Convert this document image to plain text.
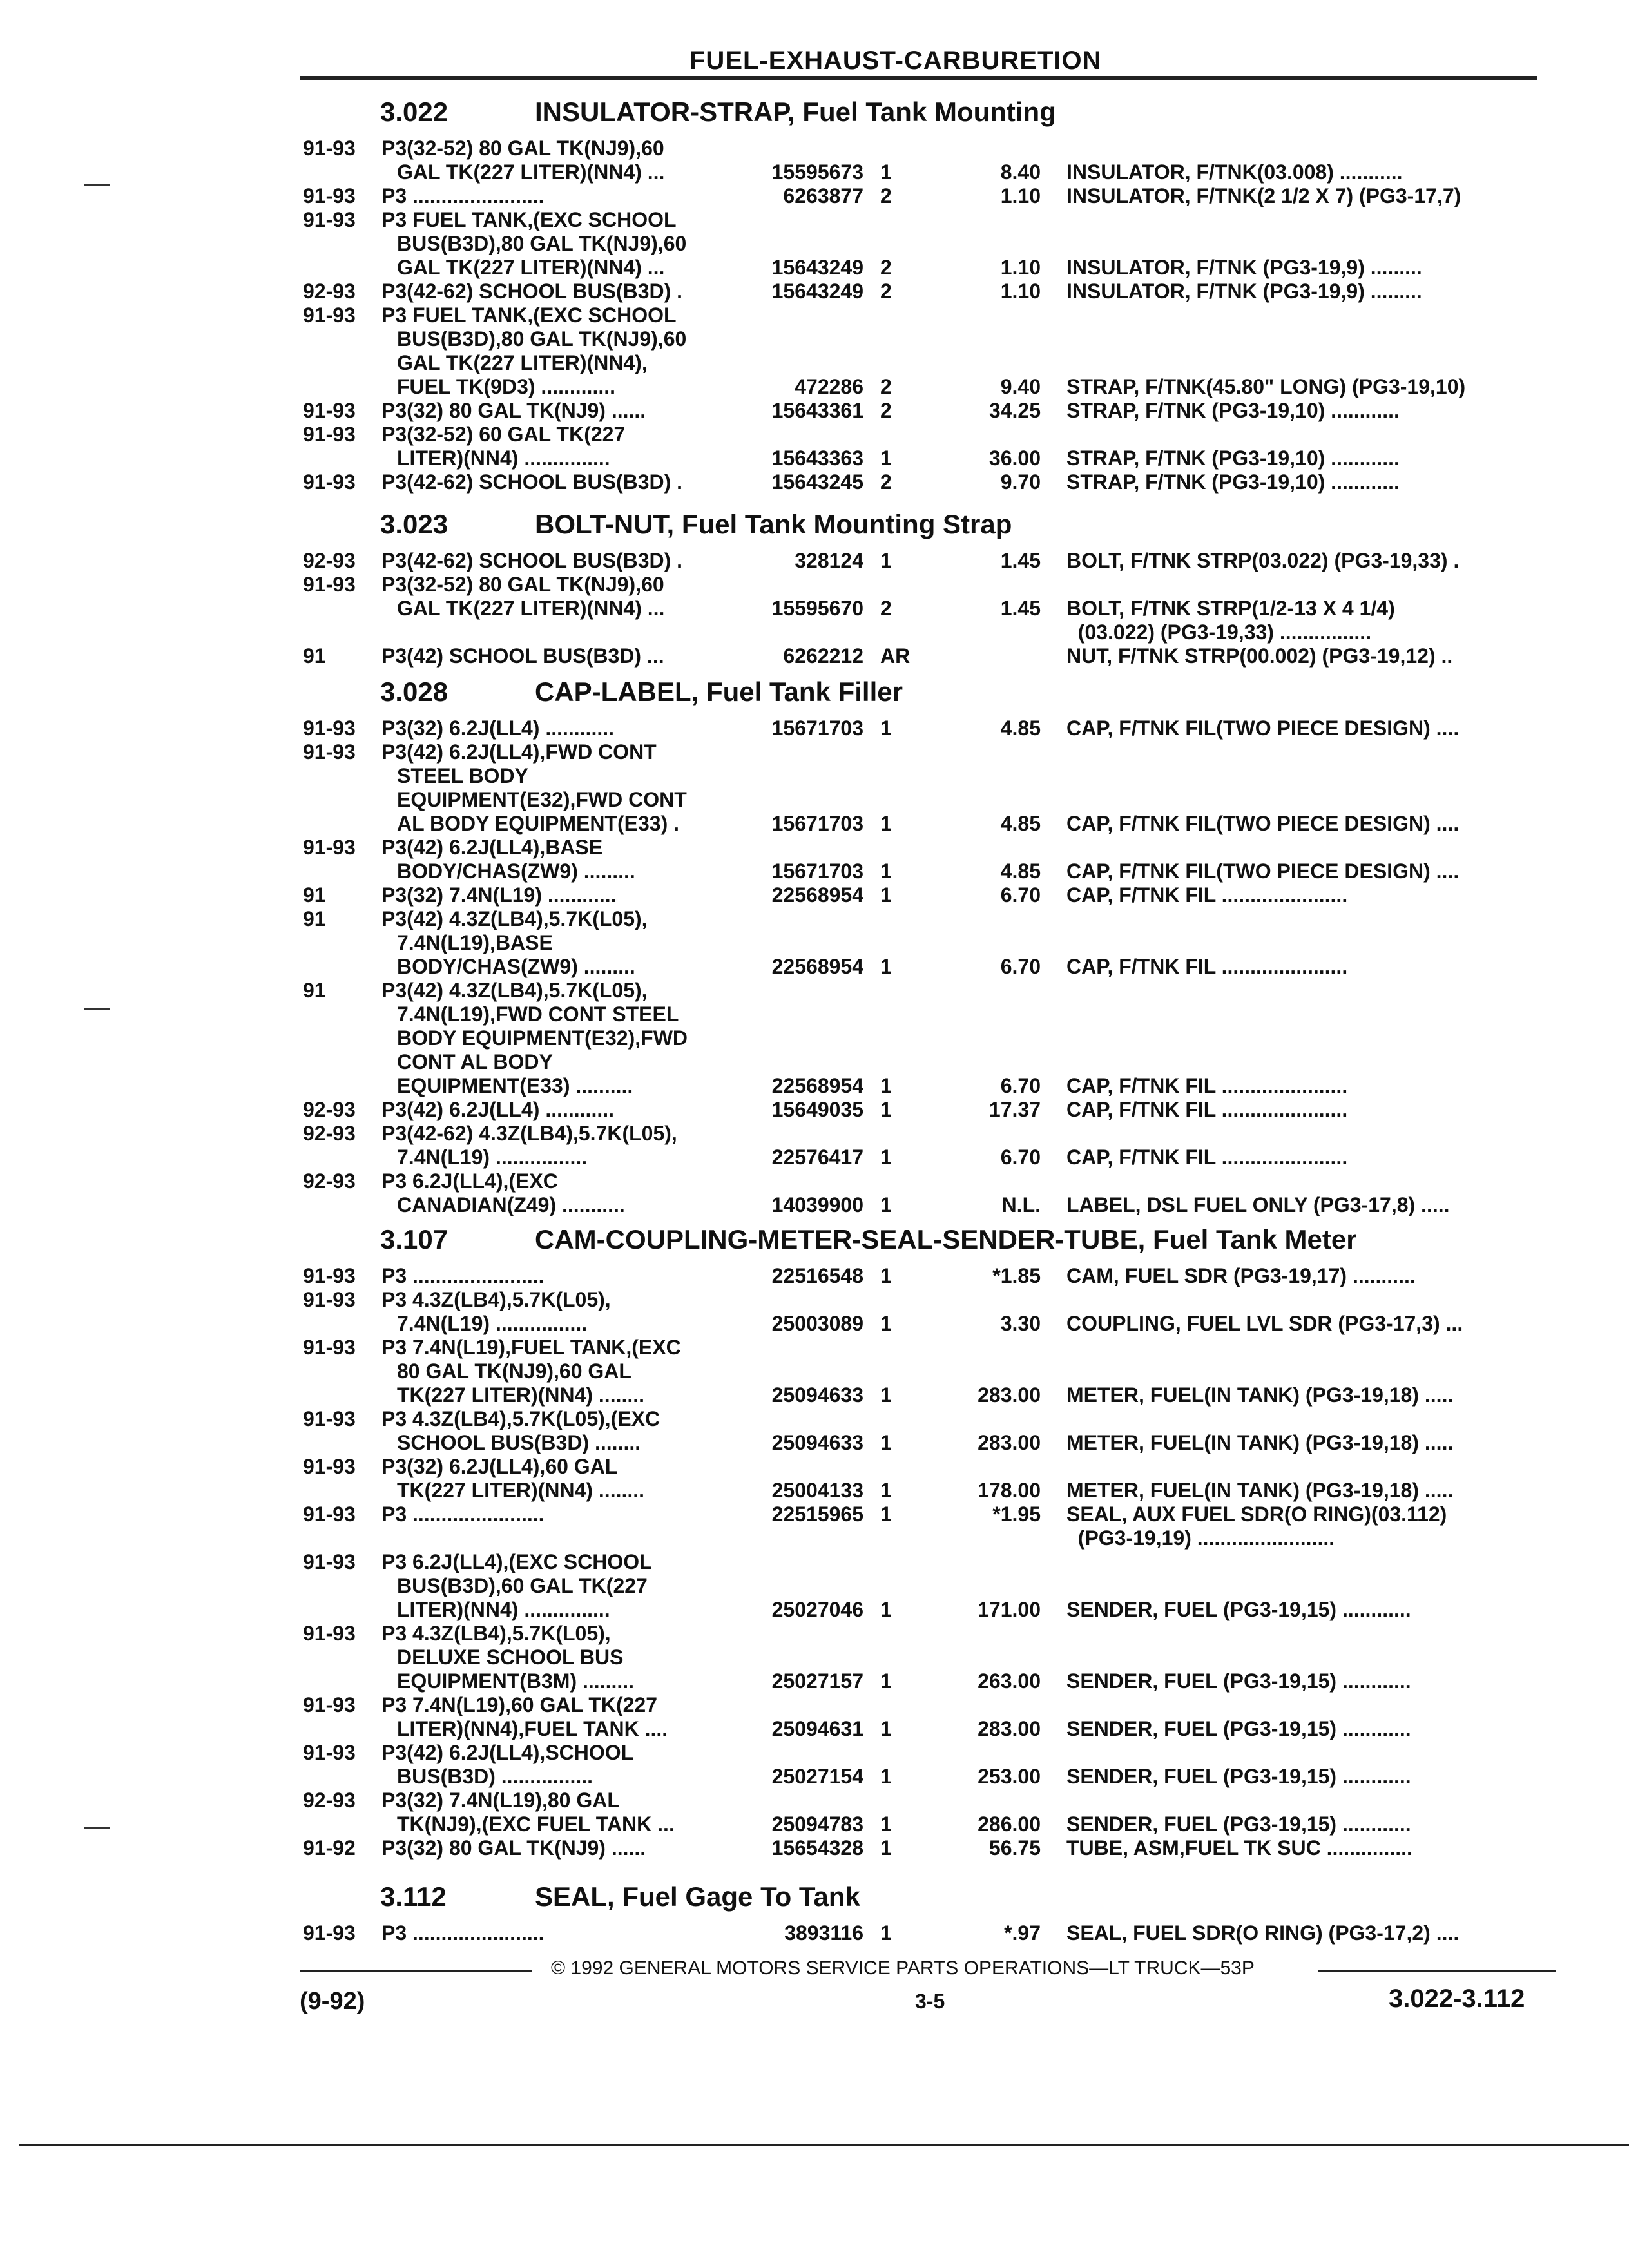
FUEL-EXHAUST-CARBURETION
3.022	INSULATOR-STRAP, Fuel Tank Mounting
91-93	P3(32-52) 80 GAL TK(NJ9),60
GAL TK(227 LITER)(NN4) ...	15595673 1	8.40 INSULATOR, F/TNK(03.008) ...........
91-93	P3 .......................	6263877 2	1.10 INSULATOR, F/TNK(2 1/2 X 7) (PG3-17,7)
91-93	P3 FUEL TANK,(EXC SCHOOL
BUS(B3D),80 GAL TK(NJ9),60
GAL TK(227 LITER)(NN4) ...	15643249 2	1.10 INSULATOR, F/TNK (PG3-19,9) .........
92-93	P3(42-62) SCHOOL BUS(B3D) .	15643249 2	1.10 INSULATOR, F/TNK (PG3-19,9) .........
91-93	P3 FUEL TANK,(EXC SCHOOL
BUS(B3D),80 GAL TK(NJ9),60
GAL TK(227 LITER)(NN4),
FUEL TK(9D3) .............	472286 2	9.40 STRAP, F/TNK(45.80" LONG) (PG3-19,10)
91-93	P3(32) 80 GAL TK(NJ9) ......	15643361 2	34.25 STRAP, F/TNK (PG3-19,10) ............
91-93	P3(32-52) 60 GAL TK(227
LITER)(NN4) ...............	15643363 1	36.00 STRAP, F/TNK (PG3-19,10) ............
91-93	P3(42-62) SCHOOL BUS(B3D) .	15643245 2	9.70 STRAP, F/TNK (PG3-19,10) ............
3.023	BOLT-NUT, Fuel Tank Mounting Strap
92-93	P3(42-62) SCHOOL BUS(B3D) .	328124 1	1.45 BOLT, F/TNK STRP(03.022) (PG3-19,33) .
91-93	P3(32-52) 80 GAL TK(NJ9),60
GAL TK(227 LITER)(NN4) ...	15595670 2	1.45 BOLT, F/TNK STRP(1/2-13 X 4 1/4)
(03.022) (PG3-19,33) ................
91	P3(42) SCHOOL BUS(B3D) ...	6262212 AR	NUT, F/TNK STRP(00.002) (PG3-19,12) ..
3.028	CAP-LABEL, Fuel Tank Filler
91-93	P3(32) 6.2J(LL4) ............	15671703 1	4.85 CAP, F/TNK FIL(TWO PIECE DESIGN) ....
91-93	P3(42) 6.2J(LL4),FWD CONT
STEEL BODY
EQUIPMENT(E32),FWD CONT
AL BODY EQUIPMENT(E33) .	15671703 1	4.85 CAP, F/TNK FIL(TWO PIECE DESIGN) ....
91-93	P3(42) 6.2J(LL4),BASE
BODY/CHAS(ZW9) .........	15671703 1	4.85 CAP, F/TNK FIL(TWO PIECE DESIGN) ....
91	P3(32) 7.4N(L19) ............	22568954 1	6.70 CAP, F/TNK FIL ......................
91	P3(42) 4.3Z(LB4),5.7K(L05),
7.4N(L19),BASE
BODY/CHAS(ZW9) .........	22568954 1	6.70 CAP, F/TNK FIL ......................
91	P3(42) 4.3Z(LB4),5.7K(L05),
7.4N(L19),FWD CONT STEEL
BODY EQUIPMENT(E32),FWD
CONT AL BODY
EQUIPMENT(E33) ..........	22568954 1	6.70 CAP, F/TNK FIL ......................
92-93	P3(42) 6.2J(LL4) ............	15649035 1	17.37 CAP, F/TNK FIL ......................
92-93	P3(42-62) 4.3Z(LB4),5.7K(L05),
7.4N(L19) ................	22576417 1	6.70 CAP, F/TNK FIL ......................
92-93	P3 6.2J(LL4),(EXC
CANADIAN(Z49) ...........	14039900 1	N.L. LABEL, DSL FUEL ONLY (PG3-17,8) .....
3.107	CAM-COUPLING-METER-SEAL-SENDER-TUBE, Fuel Tank Meter
91-93	P3 .......................	22516548 1	*1.85 CAM, FUEL SDR (PG3-19,17) ...........
91-93	P3 4.3Z(LB4),5.7K(L05),
7.4N(L19) ................	25003089 1	3.30 COUPLING, FUEL LVL SDR (PG3-17,3) ...
91-93	P3 7.4N(L19),FUEL TANK,(EXC
80 GAL TK(NJ9),60 GAL
TK(227 LITER)(NN4) ........	25094633 1	283.00 METER, FUEL(IN TANK) (PG3-19,18) .....
91-93	P3 4.3Z(LB4),5.7K(L05),(EXC
SCHOOL BUS(B3D) ........	25094633 1	283.00 METER, FUEL(IN TANK) (PG3-19,18) .....
91-93	P3(32) 6.2J(LL4),60 GAL
TK(227 LITER)(NN4) ........	25004133 1	178.00 METER, FUEL(IN TANK) (PG3-19,18) .....
91-93	P3 .......................	22515965 1	*1.95 SEAL, AUX FUEL SDR(O RING)(03.112)
(PG3-19,19) ........................
91-93	P3 6.2J(LL4),(EXC SCHOOL
BUS(B3D),60 GAL TK(227
LITER)(NN4) ...............	25027046 1	171.00 SENDER, FUEL (PG3-19,15) ............
91-93	P3 4.3Z(LB4),5.7K(L05),
DELUXE SCHOOL BUS
EQUIPMENT(B3M) .........	25027157 1	263.00 SENDER, FUEL (PG3-19,15) ............
91-93	P3 7.4N(L19),60 GAL TK(227
LITER)(NN4),FUEL TANK ....	25094631 1	283.00 SENDER, FUEL (PG3-19,15) ............
91-93	P3(42) 6.2J(LL4),SCHOOL
BUS(B3D) ................	25027154 1	253.00 SENDER, FUEL (PG3-19,15) ............
92-93	P3(32) 7.4N(L19),80 GAL
TK(NJ9),(EXC FUEL TANK ...	25094783 1	286.00 SENDER, FUEL (PG3-19,15) ............
91-92	P3(32) 80 GAL TK(NJ9) ......	15654328 1	56.75 TUBE, ASM,FUEL TK SUC ...............
3.112	SEAL, Fuel Gage To Tank
91-93	P3 .......................	3893116 1	*.97 SEAL, FUEL SDR(O RING) (PG3-17,2) ....
© 1992 GENERAL MOTORS SERVICE PARTS OPERATIONS—LT TRUCK—53P
(9-92)	3-5	3.022-3.112
